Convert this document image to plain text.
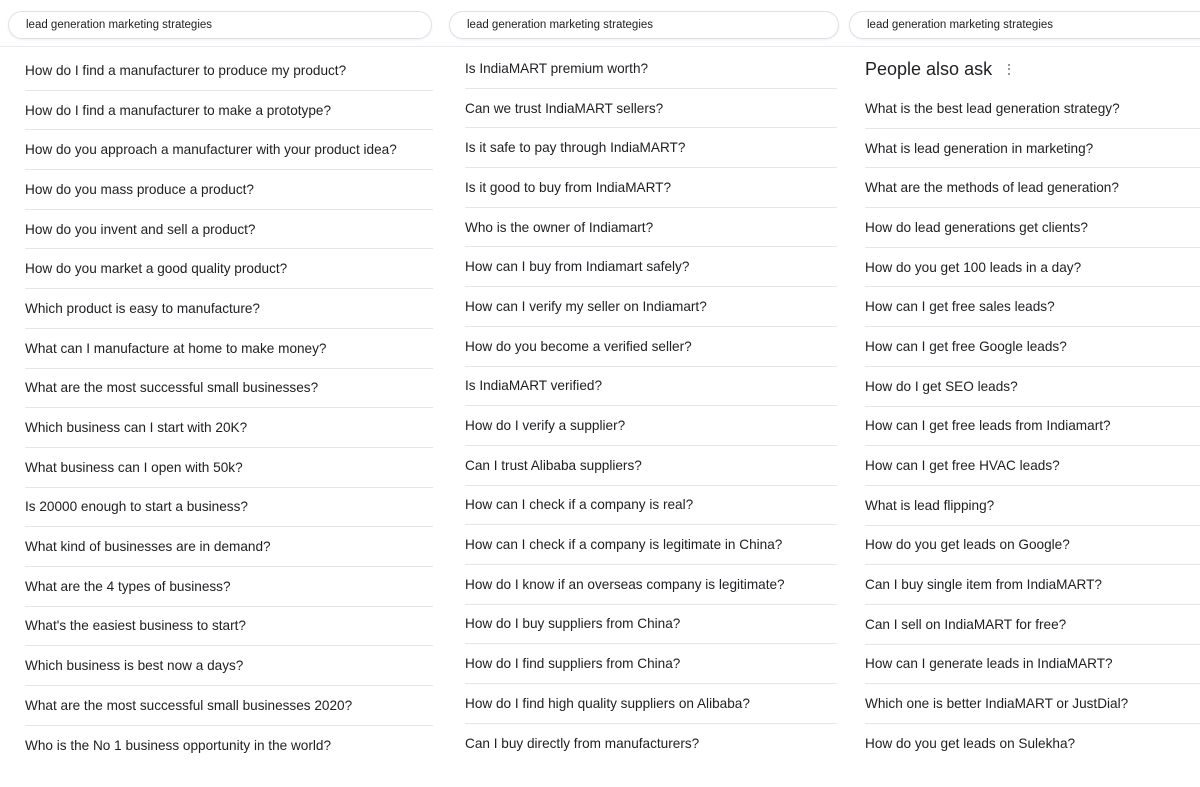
lead generation marketing strategies
How do I find a manufacturer to produce my product?
How do I find a manufacturer to make a prototype?
How do you approach a manufacturer with your product idea?
How do you mass produce a product?
How do you invent and sell a product?
How do you market a good quality product?
Which product is easy to manufacture?
What can I manufacture at home to make money?
What are the most successful small businesses?
Which business can I start with 20K?
What business can I open with 50k?
Is 20000 enough to start a business?
What kind of businesses are in demand?
What are the 4 types of business?
What's the easiest business to start?
Which business is best now a days?
What are the most successful small businesses 2020?
Who is the No 1 business opportunity in the world?
lead generation marketing strategies
Is IndiaMART premium worth?
Can we trust IndiaMART sellers?
Is it safe to pay through IndiaMART?
Is it good to buy from IndiaMART?
Who is the owner of Indiamart?
How can I buy from Indiamart safely?
How can I verify my seller on Indiamart?
How do you become a verified seller?
Is IndiaMART verified?
How do I verify a supplier?
Can I trust Alibaba suppliers?
How can I check if a company is real?
How can I check if a company is legitimate in China?
How do I know if an overseas company is legitimate?
How do I buy suppliers from China?
How do I find suppliers from China?
How do I find high quality suppliers on Alibaba?
Can I buy directly from manufacturers?
lead generation marketing strategies
People also ask
What is the best lead generation strategy?
What is lead generation in marketing?
What are the methods of lead generation?
How do lead generations get clients?
How do you get 100 leads in a day?
How can I get free sales leads?
How can I get free Google leads?
How do I get SEO leads?
How can I get free leads from Indiamart?
How can I get free HVAC leads?
What is lead flipping?
How do you get leads on Google?
Can I buy single item from IndiaMART?
Can I sell on IndiaMART for free?
How can I generate leads in IndiaMART?
Which one is better IndiaMART or JustDial?
How do you get leads on Sulekha?
